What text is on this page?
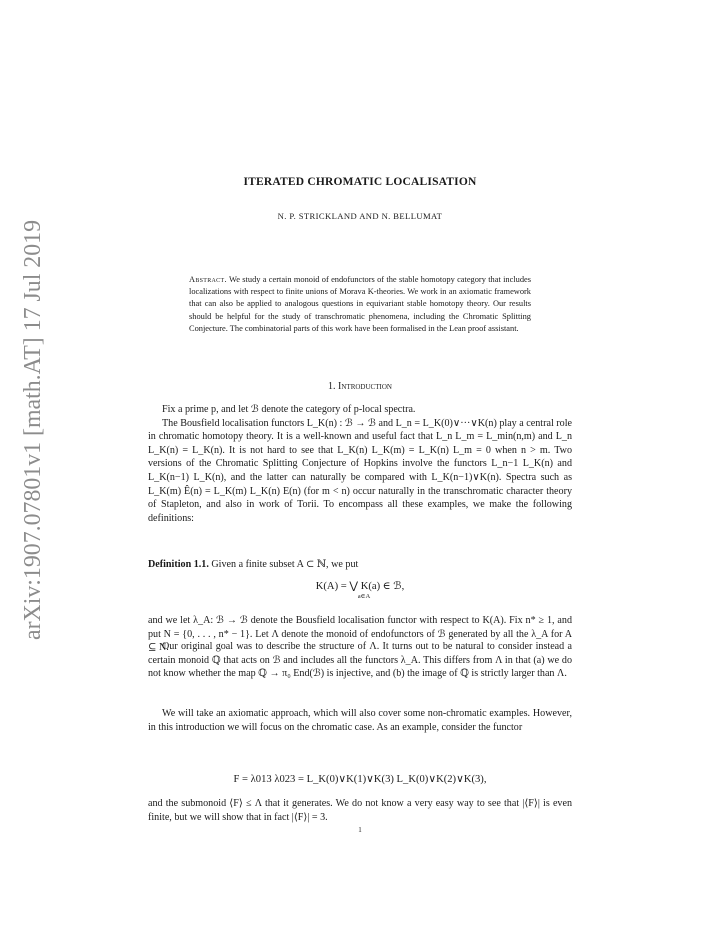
arXiv:1907.07801v1 [math.AT] 17 Jul 2019
ITERATED CHROMATIC LOCALISATION
N. P. STRICKLAND AND N. BELLUMAT
Abstract. We study a certain monoid of endofunctors of the stable homotopy category that includes localizations with respect to finite unions of Morava K-theories. We work in an axiomatic framework that can also be applied to analogous questions in equivariant stable homotopy theory. Our results should be helpful for the study of transchromatic phenomena, including the Chromatic Splitting Conjecture. The combinatorial parts of this work have been formalised in the Lean proof assistant.
1. Introduction

Fix a prime p, and let ℬ denote the category of p-local spectra.

The Bousfield localisation functors L_K(n) : ℬ → ℬ and L_n = L_K(0)∨···∨K(n) play a central role in chromatic homotopy theory. It is a well-known and useful fact that L_n L_m = L_min(n,m) and L_n L_K(n) = L_K(n). It is not hard to see that L_K(n) L_K(m) = L_K(n) L_m = 0 when n > m. Two versions of the Chromatic Splitting Conjecture of Hopkins involve the functors L_n−1 L_K(n) and L_K(n−1) L_K(n), and the latter can naturally be compared with L_K(n−1)∨K(n). Spectra such as L_K(m) Ê(n) = L_K(m) L_K(n) E(n) (for m < n) occur naturally in the transchromatic character theory of Stapleton, and also in work of Torii. To encompass all these examples, we make the following definitions:

Definition 1.1. Given a finite subset A ⊂ ℕ, we put
K(A) = ⋁ K(a) ∈ ℬ,
a∈A

and we let λ_A: ℬ → ℬ denote the Bousfield localisation functor with respect to K(A). Fix n* ≥ 1, and put N = {0, . . . , n* − 1}. Let Λ denote the monoid of endofunctors of ℬ generated by all the λ_A for A ⊆ N.

Our original goal was to describe the structure of Λ. It turns out to be natural to consider instead a certain monoid ℚ that acts on ℬ and includes all the functors λ_A. This differs from Λ in that (a) we do not know whether the map ℚ → π₀ End(ℬ) is injective, and (b) the image of ℚ is strictly larger than Λ.

We will take an axiomatic approach, which will also cover some non-chromatic examples. However, in this introduction we will focus on the chromatic case. As an example, consider the functor

F = λ013 λ023 = L_K(0)∨K(1)∨K(3) L_K(0)∨K(2)∨K(3),

and the submonoid ⟨F⟩ ≤ Λ that it generates. We do not know a very easy way to see that |⟨F⟩| is even finite, but we will show that in fact |⟨F⟩| = 3.

1
